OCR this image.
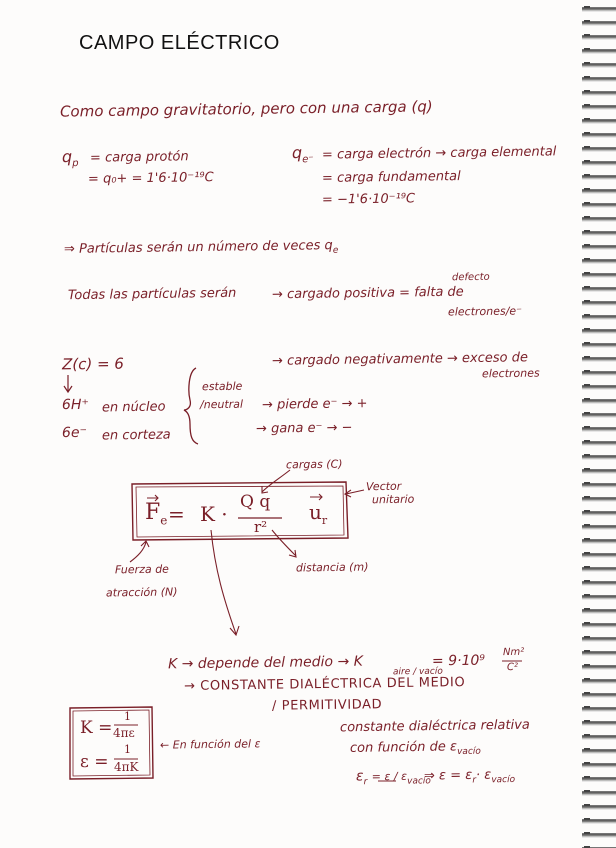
CAMPO ELÉCTRICO
Como campo gravitatorio, pero con una carga (q)
$q_p$ = carga protón
= q₀+ = 1'6·10⁻¹⁹C
$q_{e^-}$ = carga electrón → carga elemental
= carga fundamental
= −1'6·10⁻¹⁹C
⇒ Partículas serán un número de veces $q_e$
defecto
Todas las partículas serán	→ cargado positiva = falta de
electrones/e⁻
Z(c) = 6	→ cargado negativamente → exceso de
electrones
estable
/neutral
6H⁺ en núcleo
6e⁻ en corteza
→ pierde e⁻ → +
→ gana e⁻ → −
cargas (C)
Vector
unitario
$F_e = K \cdot Q$ q
r²
$u_r$
Fuerza de
atracción (N)
distancia (m)
K → depende del medio → K	aire / vacío
= 9·10⁹
Nm²
C²
→ CONSTANTE DIALÉCTRICA DEL MEDIO
/ PERMITIVIDAD
K =
1
4πε
ε =
1
4πK
← En función del ε
constante dialéctrica relativa
con función de $\varepsilon_{vacío}$
$\varepsilon_r = \varepsilon / \varepsilon_{vacío}$
⇒ $\varepsilon = \varepsilon_r\cdot \varepsilon_{vacío}$
